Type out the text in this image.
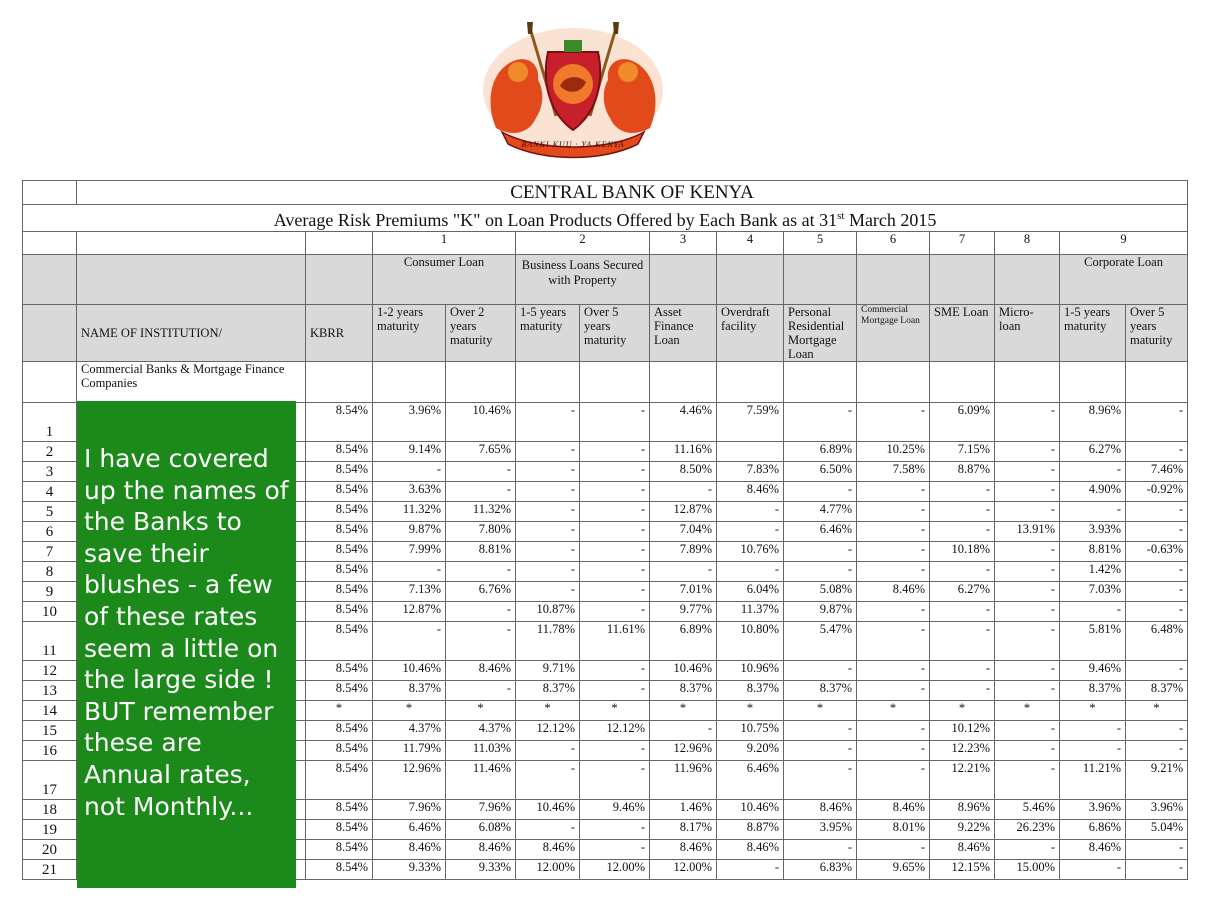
BANKI KUU · YA KENYA
	CENTRAL BANK OF KENYA													
Average Risk Premiums "K" on Loan Products Offered by Each Bank as at 31st March 2015														
			1		2		3	4	5	6	7	8	9	
			Consumer Loan		Business Loans Secured with Property								Corporate Loan	
	NAME OF INSTITUTION/	KBRR	1-2 years maturity	Over 2 years maturity	1-5 years maturity	Over 5 years maturity	Asset Finance Loan	Overdraft facility	Personal Residential Mortgage Loan	Commercial Mortgage Loan	SME Loan	Micro-loan	1-5 years maturity	Over 5 years maturity
	Commercial Banks & Mortgage Finance Companies													
1		8.54%	3.96%	10.46%	-	-	4.46%	7.59%	-	-	6.09%	-	8.96%	-
2		8.54%	9.14%	7.65%	-	-	11.16%		6.89%	10.25%	7.15%	-	6.27%	-
3		8.54%	-	-	-	-	8.50%	7.83%	6.50%	7.58%	8.87%	-	-	7.46%
4		8.54%	3.63%	-	-	-	-	8.46%	-	-	-	-	4.90%	-0.92%
5		8.54%	11.32%	11.32%	-	-	12.87%	-	4.77%	-	-	-	-	-
6		8.54%	9.87%	7.80%	-	-	7.04%	-	6.46%	-	-	13.91%	3.93%	-
7		8.54%	7.99%	8.81%	-	-	7.89%	10.76%	-	-	10.18%	-	8.81%	-0.63%
8		8.54%	-	-	-	-	-	-	-	-	-	-	1.42%	-
9		8.54%	7.13%	6.76%	-	-	7.01%	6.04%	5.08%	8.46%	6.27%	-	7.03%	-
10		8.54%	12.87%	-	10.87%	-	9.77%	11.37%	9.87%	-	-	-	-	-
11		8.54%	-	-	11.78%	11.61%	6.89%	10.80%	5.47%	-	-	-	5.81%	6.48%
12		8.54%	10.46%	8.46%	9.71%	-	10.46%	10.96%	-	-	-	-	9.46%	-
13		8.54%	8.37%	-	8.37%	-	8.37%	8.37%	8.37%	-	-	-	8.37%	8.37%
14		*	*	*	*	*	*	*	*	*	*	*	*	*
15		8.54%	4.37%	4.37%	12.12%	12.12%	-	10.75%	-	-	10.12%	-	-	-
16		8.54%	11.79%	11.03%	-	-	12.96%	9.20%	-	-	12.23%	-	-	-
17		8.54%	12.96%	11.46%	-	-	11.96%	6.46%	-	-	12.21%	-	11.21%	9.21%
18		8.54%	7.96%	7.96%	10.46%	9.46%	1.46%	10.46%	8.46%	8.46%	8.96%	5.46%	3.96%	3.96%
19		8.54%	6.46%	6.08%	-	-	8.17%	8.87%	3.95%	8.01%	9.22%	26.23%	6.86%	5.04%
20		8.54%	8.46%	8.46%	8.46%	-	8.46%	8.46%	-	-	8.46%	-	8.46%	-
21		8.54%	9.33%	9.33%	12.00%	12.00%	12.00%	-	6.83%	9.65%	12.15%	15.00%	-	-
I have covered up the names of the Banks to save their blushes - a few of these rates seem a little on the large side ! BUT remember these are Annual rates, not Monthly...
